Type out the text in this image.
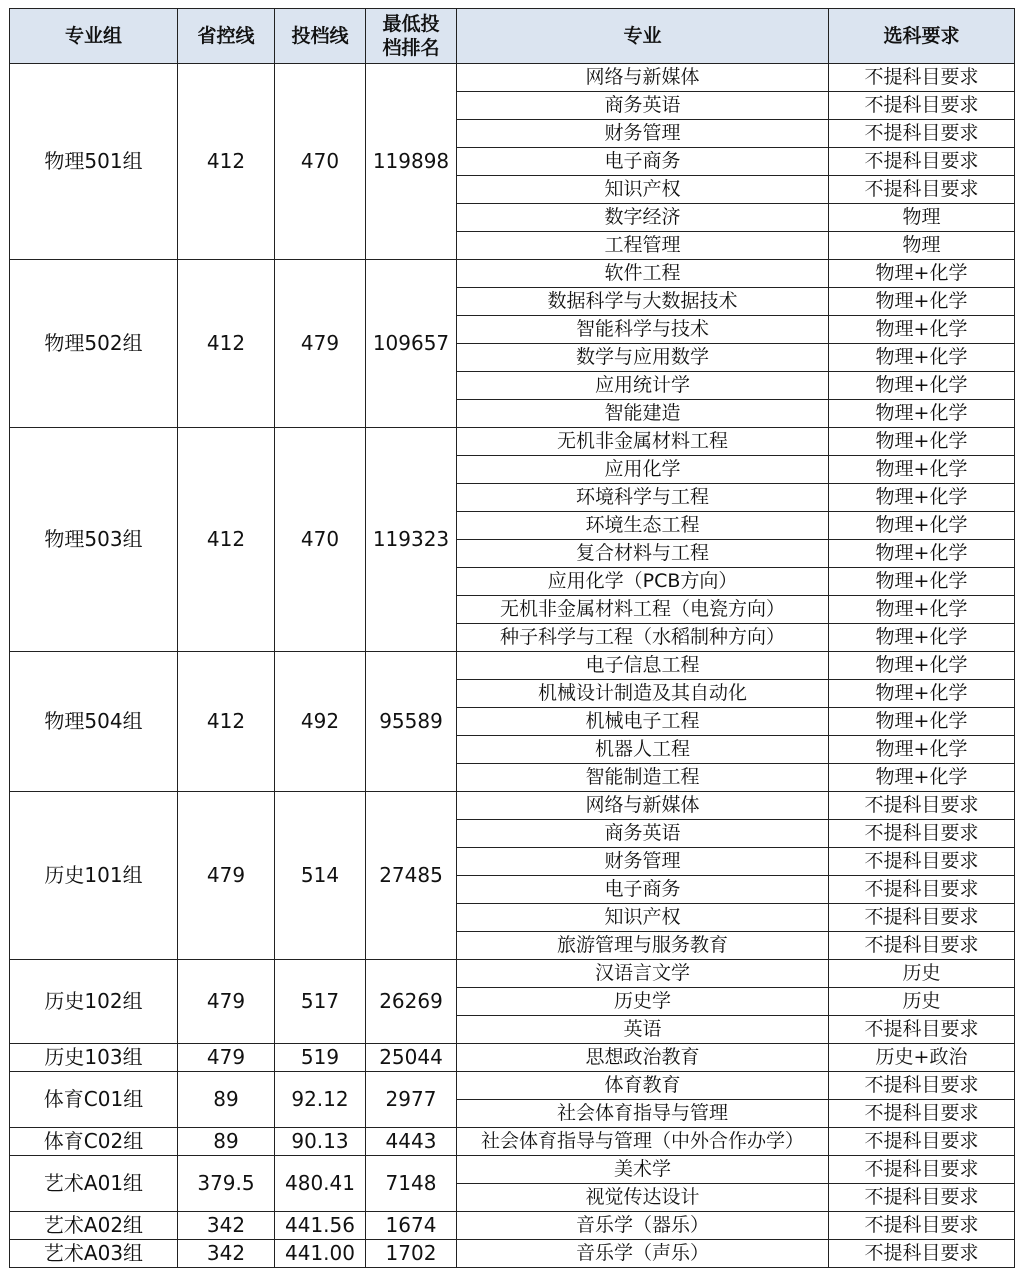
专业组	省控线	投档线	最低投档排名	专业	选科要求
物理501组	412	470	119898	网络与新媒体	不提科目要求
				商务英语	不提科目要求
				财务管理	不提科目要求
				电子商务	不提科目要求
				知识产权	不提科目要求
				数字经济	物理
				工程管理	物理
物理502组	412	479	109657	软件工程	物理+化学
				数据科学与大数据技术	物理+化学
				智能科学与技术	物理+化学
				数学与应用数学	物理+化学
				应用统计学	物理+化学
				智能建造	物理+化学
物理503组	412	470	119323	无机非金属材料工程	物理+化学
				应用化学	物理+化学
				环境科学与工程	物理+化学
				环境生态工程	物理+化学
				复合材料与工程	物理+化学
				应用化学（PCB方向）	物理+化学
				无机非金属材料工程（电瓷方向）	物理+化学
				种子科学与工程（水稻制种方向）	物理+化学
物理504组	412	492	95589	电子信息工程	物理+化学
				机械设计制造及其自动化	物理+化学
				机械电子工程	物理+化学
				机器人工程	物理+化学
				智能制造工程	物理+化学
历史101组	479	514	27485	网络与新媒体	不提科目要求
				商务英语	不提科目要求
				财务管理	不提科目要求
				电子商务	不提科目要求
				知识产权	不提科目要求
				旅游管理与服务教育	不提科目要求
历史102组	479	517	26269	汉语言文学	历史
				历史学	历史
				英语	不提科目要求
历史103组	479	519	25044	思想政治教育	历史+政治
体育C01组	89	92.12	2977	体育教育	不提科目要求
				社会体育指导与管理	不提科目要求
体育C02组	89	90.13	4443	社会体育指导与管理（中外合作办学）	不提科目要求
艺术A01组	379.5	480.41	7148	美术学	不提科目要求
				视觉传达设计	不提科目要求
艺术A02组	342	441.56	1674	音乐学（器乐）	不提科目要求
艺术A03组	342	441.00	1702	音乐学（声乐）	不提科目要求
